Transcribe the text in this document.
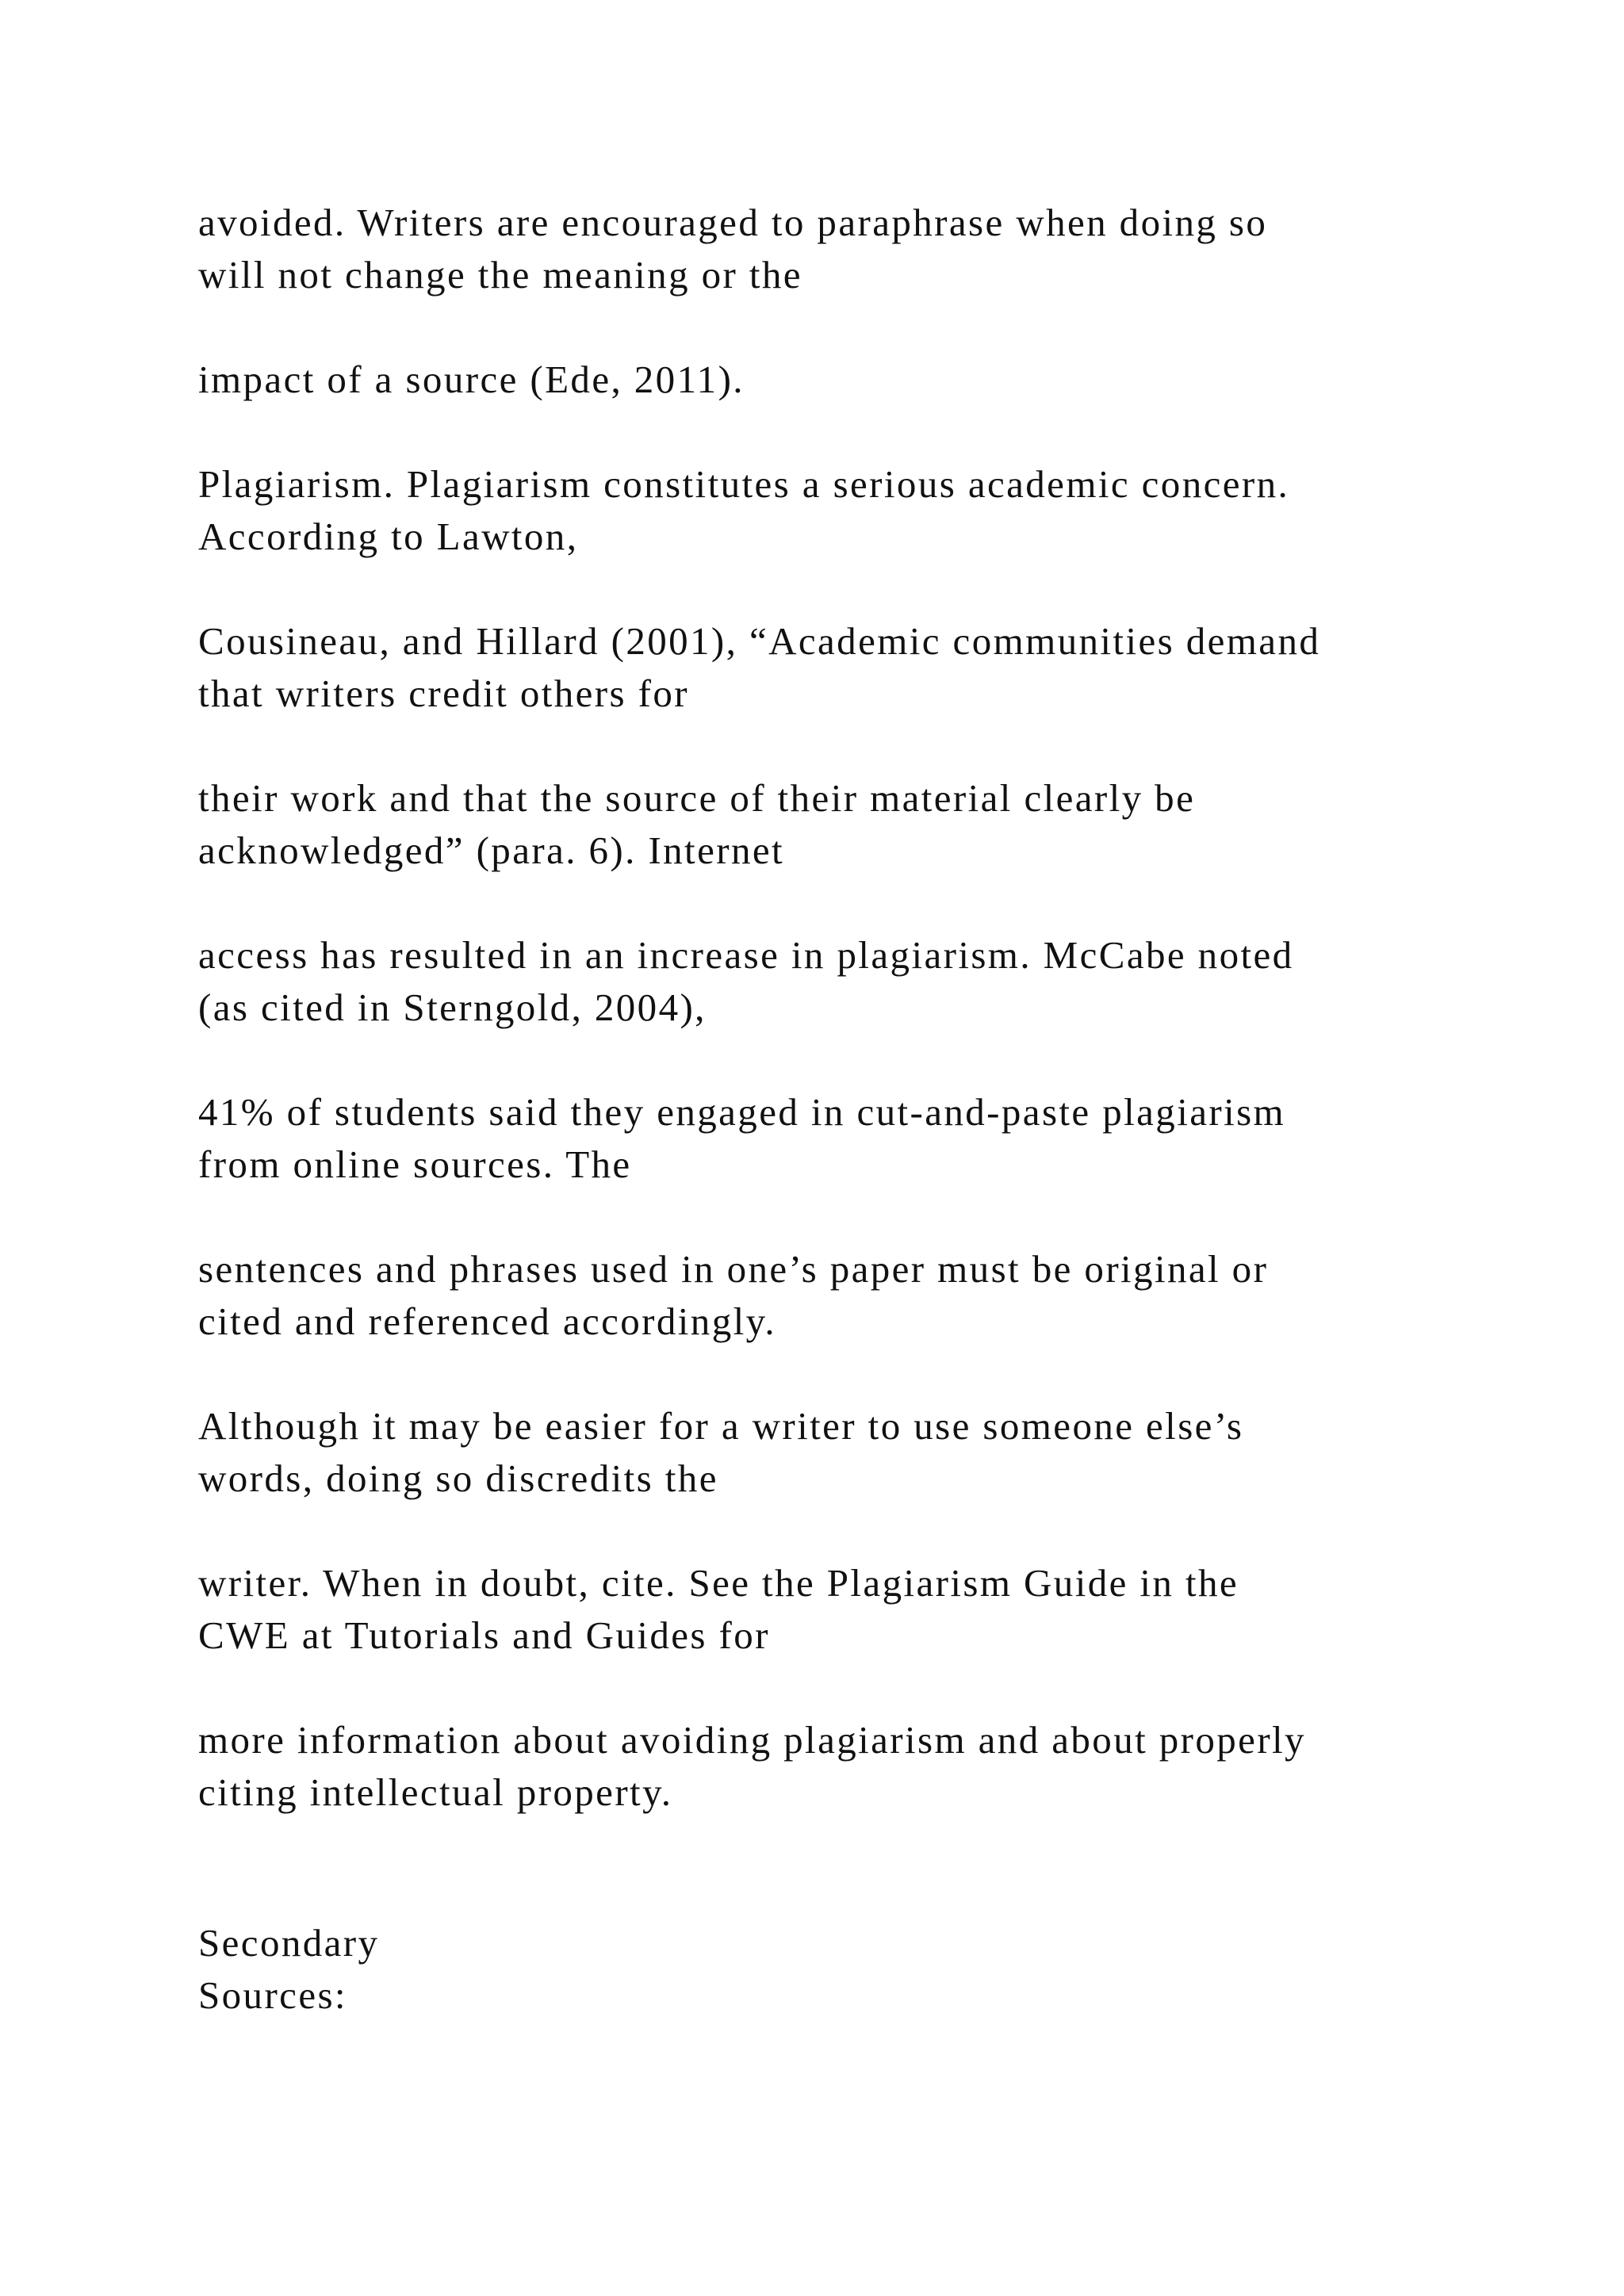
avoided. Writers are encouraged to paraphrase when doing so
will not change the meaning or the

impact of a source (Ede, 2011).

Plagiarism. Plagiarism constitutes a serious academic concern.
According to Lawton,

Cousineau, and Hillard (2001), “Academic communities demand
that writers credit others for

their work and that the source of their material clearly be
acknowledged” (para. 6). Internet

access has resulted in an increase in plagiarism. McCabe noted
(as cited in Sterngold, 2004),

41% of students said they engaged in cut-and-paste plagiarism
from online sources. The

sentences and phrases used in one’s paper must be original or
cited and referenced accordingly.

Although it may be easier for a writer to use someone else’s
words, doing so discredits the

writer. When in doubt, cite. See the Plagiarism Guide in the
CWE at Tutorials and Guides for

more information about avoiding plagiarism and about properly
citing intellectual property.

Secondary
Sources:
